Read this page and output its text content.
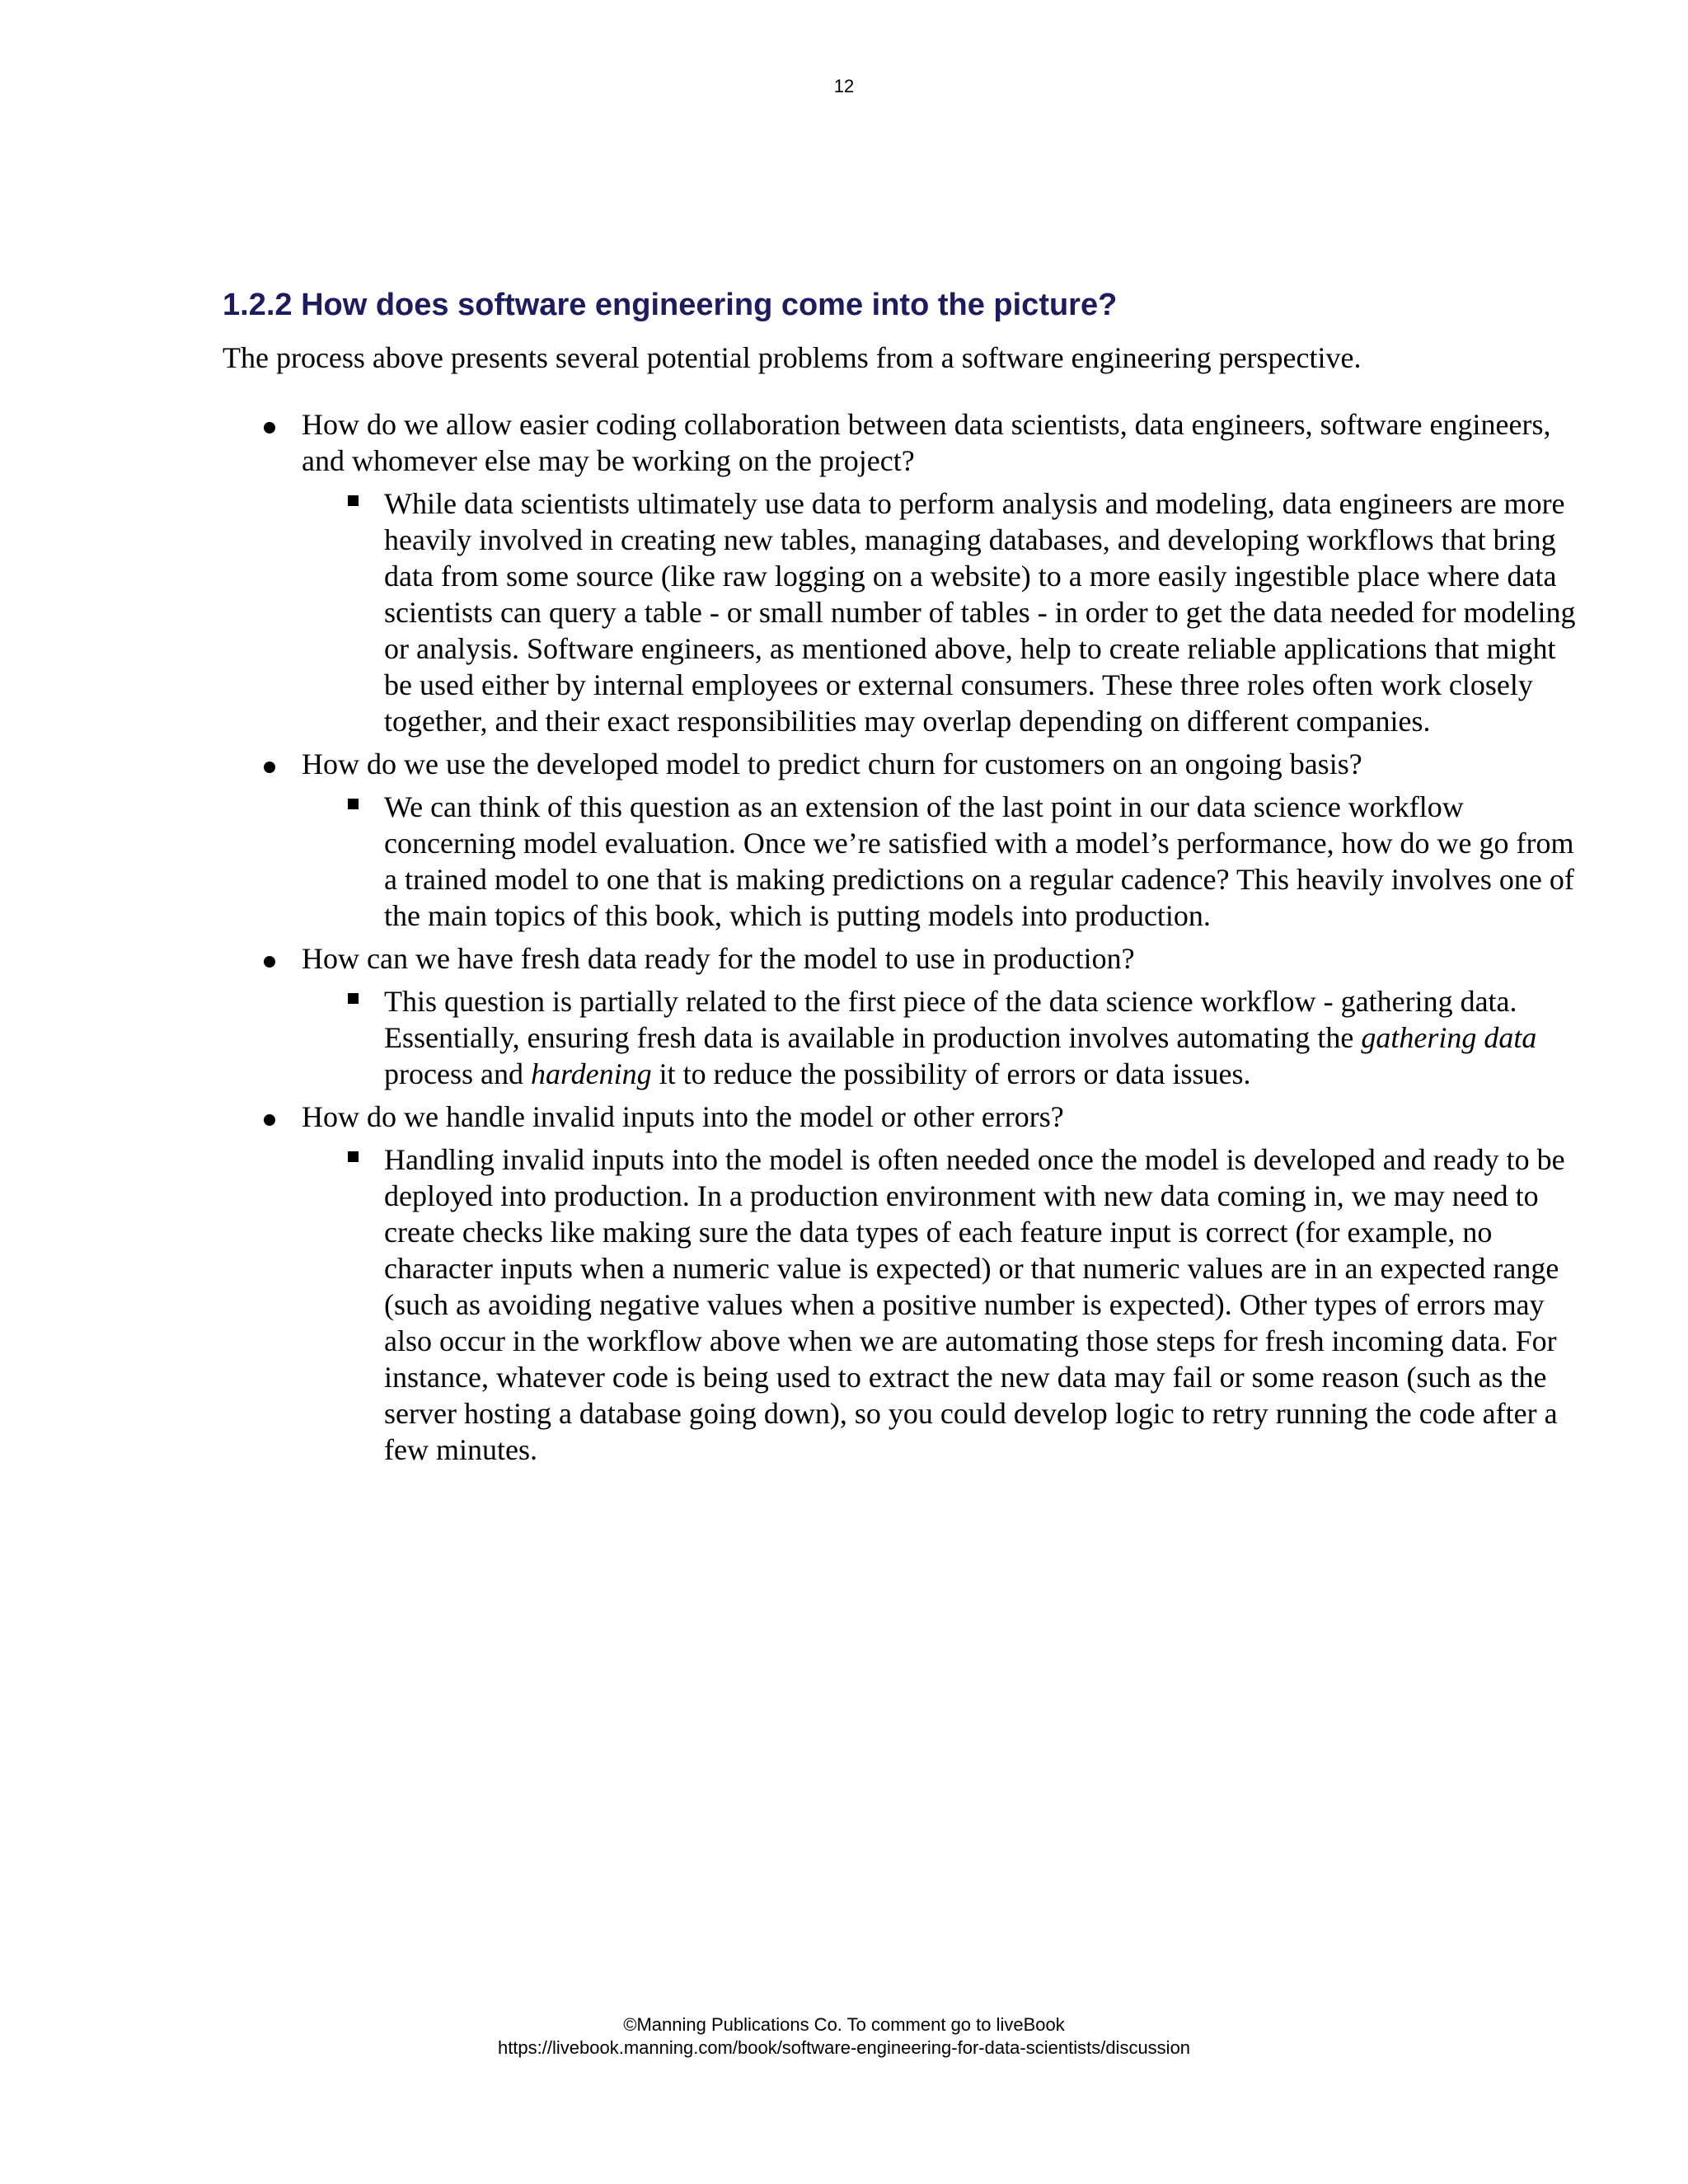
12
1.2.2 How does software engineering come into the picture?

The process above presents several potential problems from a software engineering perspective.

How do we allow easier coding collaboration between data scientists, data engineers, software engineers, and whomever else may be working on the project?
While data scientists ultimately use data to perform analysis and modeling, data engineers are more heavily involved in creating new tables, managing databases, and developing workflows that bring data from some source (like raw logging on a website) to a more easily ingestible place where data scientists can query a table - or small number of tables - in order to get the data needed for modeling or analysis. Software engineers, as mentioned above, help to create reliable applications that might be used either by internal employees or external consumers. These three roles often work closely together, and their exact responsibilities may overlap depending on different companies.
How do we use the developed model to predict churn for customers on an ongoing basis?
We can think of this question as an extension of the last point in our data science workflow concerning model evaluation. Once we’re satisfied with a model’s performance, how do we go from a trained model to one that is making predictions on a regular cadence? This heavily involves one of the main topics of this book, which is putting models into production.
How can we have fresh data ready for the model to use in production?
This question is partially related to the first piece of the data science workflow - gathering data. Essentially, ensuring fresh data is available in production involves automating the gathering data process and hardening it to reduce the possibility of errors or data issues.
How do we handle invalid inputs into the model or other errors?
Handling invalid inputs into the model is often needed once the model is developed and ready to be deployed into production. In a production environment with new data coming in, we may need to create checks like making sure the data types of each feature input is correct (for example, no character inputs when a numeric value is expected) or that numeric values are in an expected range (such as avoiding negative values when a positive number is expected). Other types of errors may also occur in the workflow above when we are automating those steps for fresh incoming data. For instance, whatever code is being used to extract the new data may fail or some reason (such as the server hosting a database going down), so you could develop logic to retry running the code after a few minutes.
©Manning Publications Co. To comment go to liveBook
https://livebook.manning.com/book/software-engineering-for-data-scientists/discussion
